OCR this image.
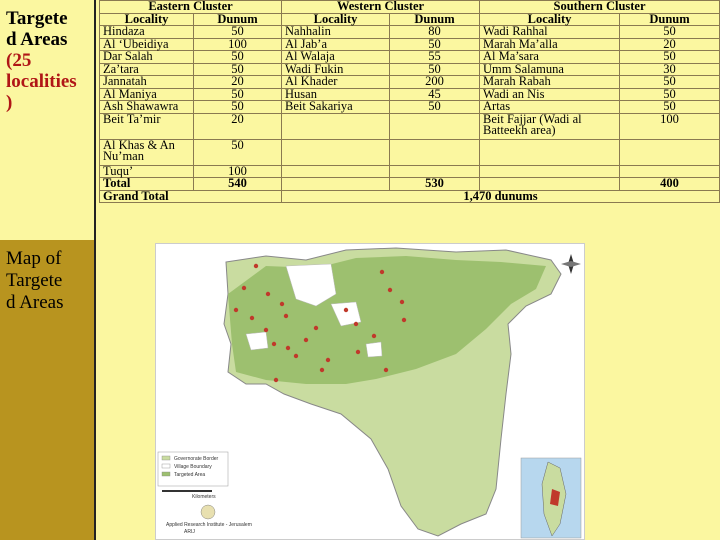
Targete
d Areas
(25
localities
)
Map of
Targete
d Areas
Eastern Cluster		Western Cluster		Southern Cluster	
Locality	Dunum	Locality	Dunum	Locality	Dunum
Hindaza	50	Nahhalin	80	Wadi Rahhal	50
Al ‘Ubeidiya	100	Al Jab’a	50	Marah Ma’alla	20
Dar Salah	50	Al Walaja	55	Al Ma’sara	50
Za’tara	50	Wadi Fukin	50	Umm Salamuna	30
Jannatah	20	Al Khader	200	Marah Rabah	50
Al Maniya	50	Husan	45	Wadi an Nis	50
Ash Shawawra	50	Beit Sakariya	50	Artas	50
Beit Ta’mir	20			Beit Fajjar (Wadi al Batteekh area)	100
Al Khas & An Nu’man	50				
Tuqu’	100				
Total	540		530		400
Grand Total		1,470 dunums			
Governorate Border
Village Boundary
Targeted Area
Kilometers
Applied Research Institute - Jerusalem
ARIJ
